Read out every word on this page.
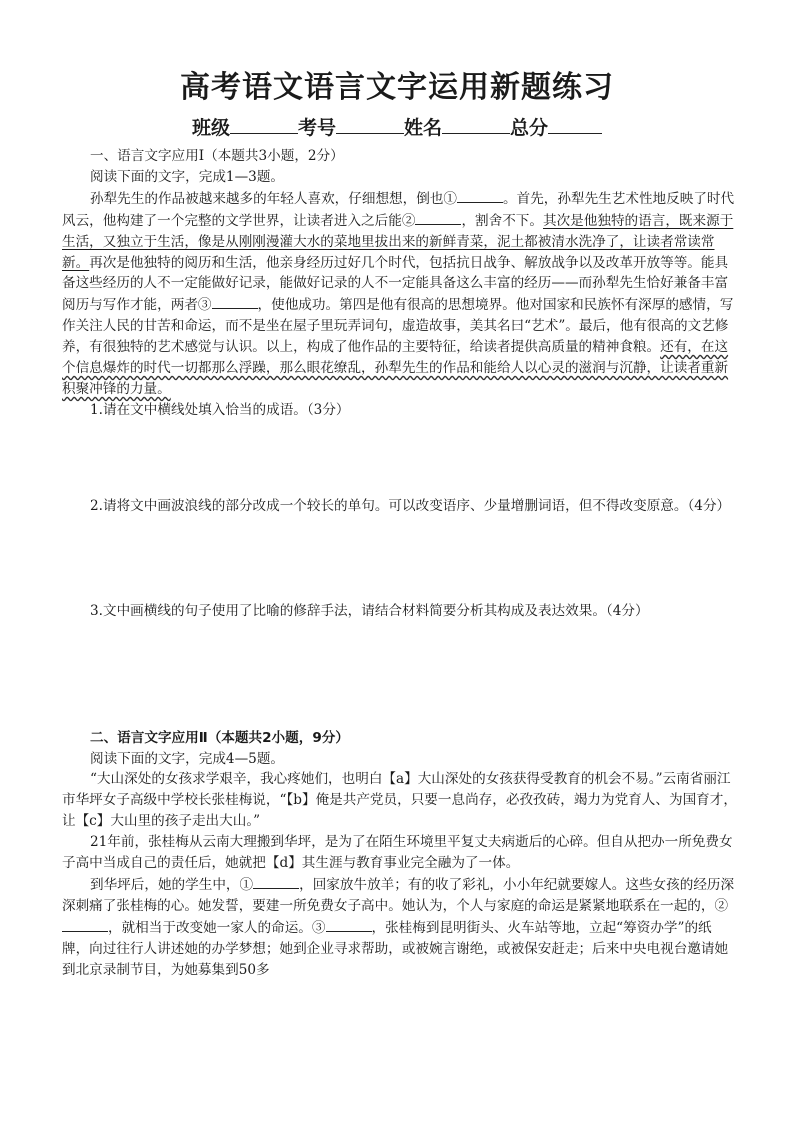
高考语文语言文字运用新题练习
班级	考号	姓名	总分

一、语言文字应用Ⅰ（本题共3小题，2分）

阅读下面的文字，完成1—3题。

孙犁先生的作品被越来越多的年轻人喜欢，仔细想想，倒也①	。首先，孙犁先生艺术性地反映了时代风云，他构建了一个完整的文学世界，让读者进入之后能②	，割舍不下。其次是他独特的语言，既来源于生活，又独立于生活，像是从刚刚漫灌大水的菜地里拔出来的新鲜青菜，泥土都被清水洗净了，让读者常读常新。再次是他独特的阅历和生活，他亲身经历过好几个时代，包括抗日战争、解放战争以及改革开放等等。能具备这些经历的人不一定能做好记录，能做好记录的人不一定能具备这么丰富的经历——而孙犁先生恰好兼备丰富阅历与写作才能，两者③	，使他成功。第四是他有很高的思想境界。他对国家和民族怀有深厚的感情，写作关注人民的甘苦和命运，而不是坐在屋子里玩弄词句，虚造故事，美其名曰“艺术”。最后，他有很高的文艺修养，有很独特的艺术感觉与认识。以上，构成了他作品的主要特征，给读者提供高质量的精神食粮。还有，在这个信息爆炸的时代一切都那么浮躁，那么眼花缭乱，孙犁先生的作品和能给人以心灵的滋润与沉静，让读者重新积聚冲锋的力量。

1.请在文中横线处填入恰当的成语。（3分）

2.请将文中画波浪线的部分改成一个较长的单句。可以改变语序、少量增删词语，但不得改变原意。（4分）

3.文中画横线的句子使用了比喻的修辞手法，请结合材料简要分析其构成及表达效果。（4分）

二、语言文字应用Ⅱ（本题共2小题，9分）

阅读下面的文字，完成4—5题。

“大山深处的女孩求学艰辛，我心疼她们，也明白【a】大山深处的女孩获得受教育的机会不易。”云南省丽江市华坪女子高级中学校长张桂梅说，“【b】俺是共产党员，只要一息尚存，必孜孜砖，竭力为党育人、为国育才，让【c】大山里的孩子走出大山。”

21年前，张桂梅从云南大理搬到华坪，是为了在陌生环境里平复丈夫病逝后的心碎。但自从把办一所免费女子高中当成自己的责任后，她就把【d】其生涯与教育事业完全融为了一体。

到华坪后，她的学生中，①	，回家放牛放羊；有的收了彩礼，小小年纪就要嫁人。这些女孩的经历深深刺痛了张桂梅的心。她发誓，要建一所免费女子高中。她认为，个人与家庭的命运是紧紧地联系在一起的，②，就相当于改变她一家人的命运。③	，张桂梅到昆明街头、火车站等地，立起“筹资办学”的纸牌，向过往行人讲述她的办学梦想；她到企业寻求帮助，或被婉言谢绝，或被保安赶走；后来中央电视台邀请她到北京录制节目，为她募集到50多
